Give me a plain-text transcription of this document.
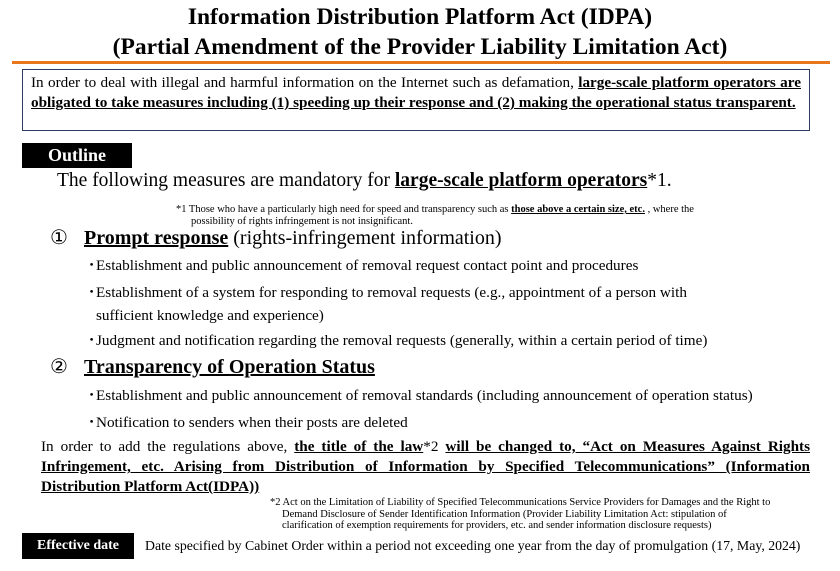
Information Distribution Platform Act (IDPA)
(Partial Amendment of the Provider Liability Limitation Act)
In order to deal with illegal and harmful information on the Internet such as defamation, large-scale platform operators are obligated to take measures including (1) speeding up their response and (2) making the operational status transparent.
Outline
The following measures are mandatory for large-scale platform operators*1.
*1 Those who have a particularly high need for speed and transparency such as those above a certain size, etc. , where the
possibility of rights infringement is not insignificant.
① Prompt response (rights-infringement information)
・Establishment and public announcement of removal request contact point and procedures
・Establishment of a system for responding to removal requests (e.g., appointment of a person with
sufficient knowledge and experience)
・Judgment and notification regarding the removal requests (generally, within a certain period of time)
② Transparency of Operation Status
・Establishment and public announcement of removal standards (including announcement of operation status)
・Notification to senders when their posts are deleted
In order to add the regulations above, the title of the law*2 will be changed to, “Act on Measures Against Rights Infringement, etc. Arising from Distribution of Information by Specified Telecommunications” (Information Distribution Platform Act(IDPA))
*2 Act on the Limitation of Liability of Specified Telecommunications Service Providers for Damages and the Right to
Demand Disclosure of Sender Identification Information (Provider Liability Limitation Act: stipulation of
clarification of exemption requirements for providers, etc. and sender information disclosure requests)
Effective date	Date specified by Cabinet Order within a period not exceeding one year from the day of promulgation (17, May, 2024)
